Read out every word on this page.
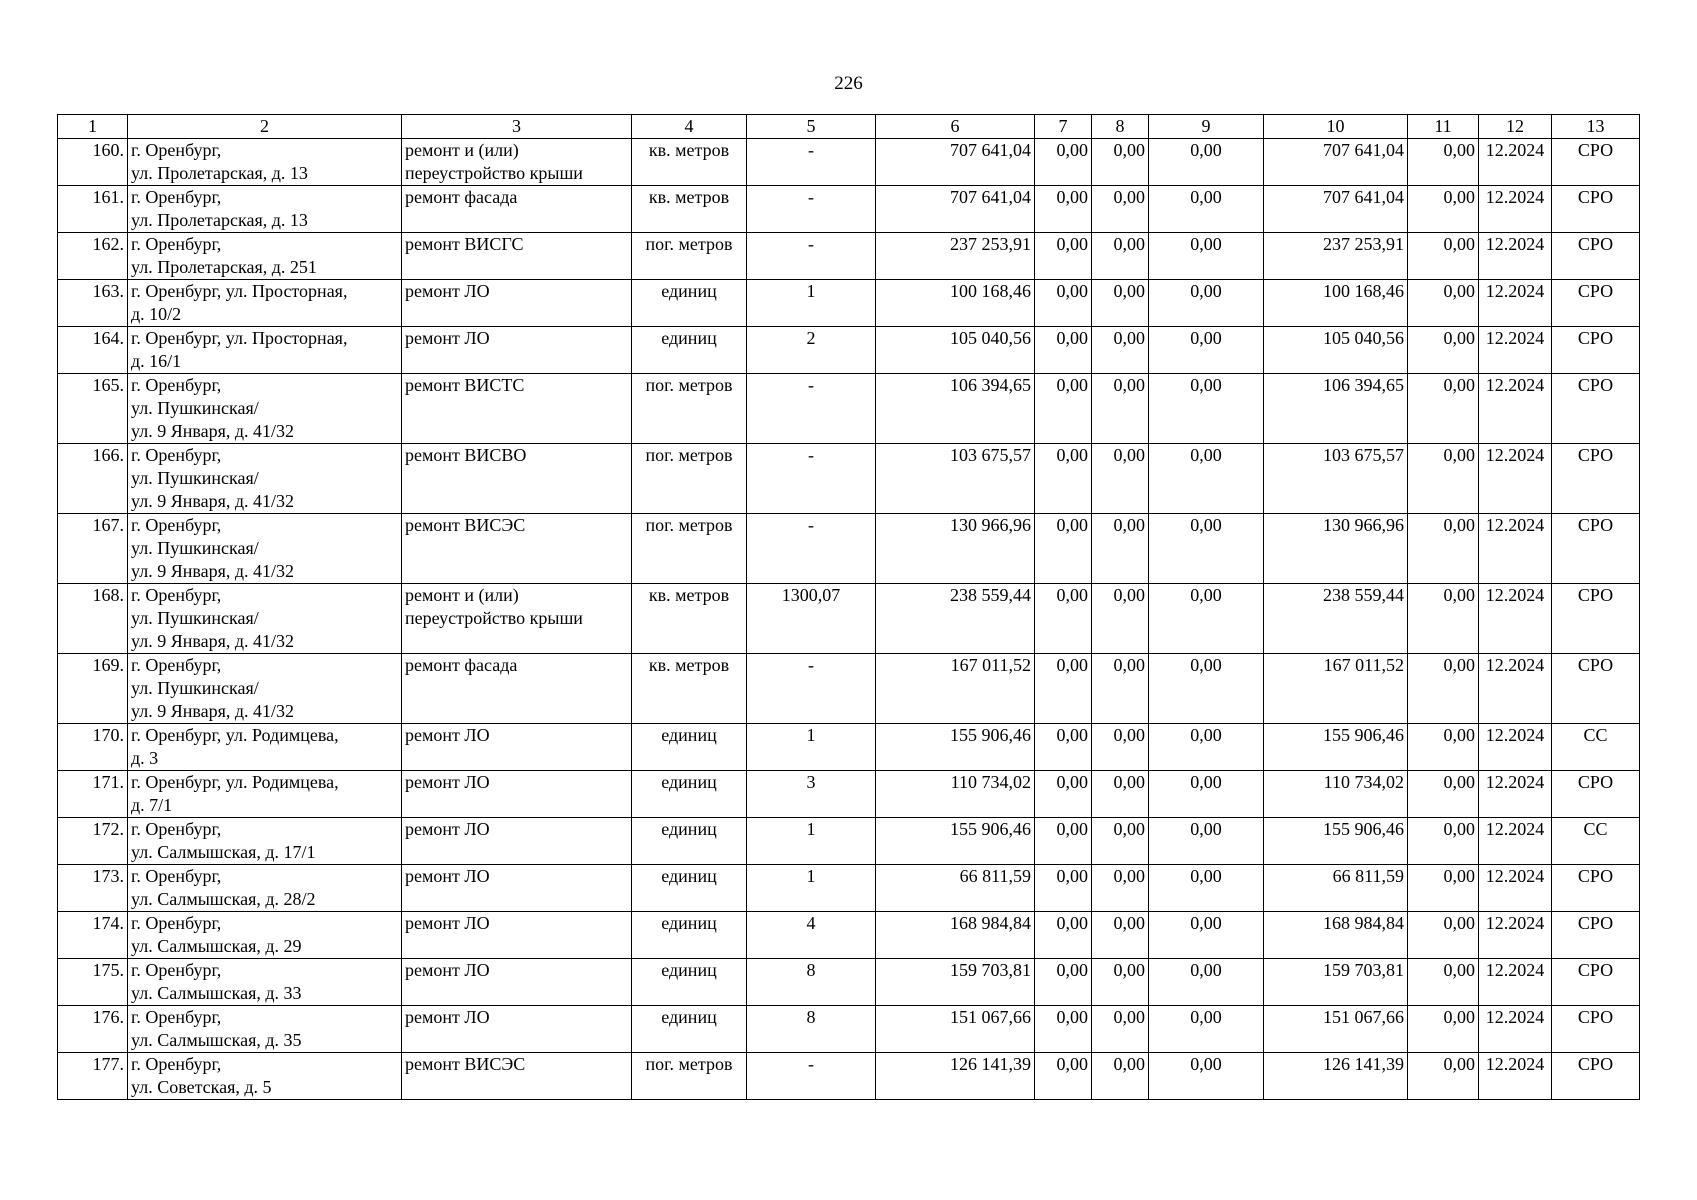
226
1	2	3	4	5	6	7	8	9	10	11	12	13
160.	г. Оренбург,
ул. Пролетарская, д. 13	ремонт и (или)
переустройство крыши	кв. метров	-	707 641,04	0,00	0,00	0,00	707 641,04	0,00	12.2024	СРО
161.	г. Оренбург,
ул. Пролетарская, д. 13	ремонт фасада	кв. метров	-	707 641,04	0,00	0,00	0,00	707 641,04	0,00	12.2024	СРО
162.	г. Оренбург,
ул. Пролетарская, д. 251	ремонт ВИСГС	пог. метров	-	237 253,91	0,00	0,00	0,00	237 253,91	0,00	12.2024	СРО
163.	г. Оренбург, ул. Просторная,
д. 10/2	ремонт ЛО	единиц	1	100 168,46	0,00	0,00	0,00	100 168,46	0,00	12.2024	СРО
164.	г. Оренбург, ул. Просторная,
д. 16/1	ремонт ЛО	единиц	2	105 040,56	0,00	0,00	0,00	105 040,56	0,00	12.2024	СРО
165.	г. Оренбург,
ул. Пушкинская/
ул. 9 Января, д. 41/32	ремонт ВИСТС	пог. метров	-	106 394,65	0,00	0,00	0,00	106 394,65	0,00	12.2024	СРО
166.	г. Оренбург,
ул. Пушкинская/
ул. 9 Января, д. 41/32	ремонт ВИСВО	пог. метров	-	103 675,57	0,00	0,00	0,00	103 675,57	0,00	12.2024	СРО
167.	г. Оренбург,
ул. Пушкинская/
ул. 9 Января, д. 41/32	ремонт ВИСЭС	пог. метров	-	130 966,96	0,00	0,00	0,00	130 966,96	0,00	12.2024	СРО
168.	г. Оренбург,
ул. Пушкинская/
ул. 9 Января, д. 41/32	ремонт и (или)
переустройство крыши	кв. метров	1300,07	238 559,44	0,00	0,00	0,00	238 559,44	0,00	12.2024	СРО
169.	г. Оренбург,
ул. Пушкинская/
ул. 9 Января, д. 41/32	ремонт фасада	кв. метров	-	167 011,52	0,00	0,00	0,00	167 011,52	0,00	12.2024	СРО
170.	г. Оренбург, ул. Родимцева,
д. 3	ремонт ЛО	единиц	1	155 906,46	0,00	0,00	0,00	155 906,46	0,00	12.2024	СС
171.	г. Оренбург, ул. Родимцева,
д. 7/1	ремонт ЛО	единиц	3	110 734,02	0,00	0,00	0,00	110 734,02	0,00	12.2024	СРО
172.	г. Оренбург,
ул. Салмышская, д. 17/1	ремонт ЛО	единиц	1	155 906,46	0,00	0,00	0,00	155 906,46	0,00	12.2024	СС
173.	г. Оренбург,
ул. Салмышская, д. 28/2	ремонт ЛО	единиц	1	66 811,59	0,00	0,00	0,00	66 811,59	0,00	12.2024	СРО
174.	г. Оренбург,
ул. Салмышская, д. 29	ремонт ЛО	единиц	4	168 984,84	0,00	0,00	0,00	168 984,84	0,00	12.2024	СРО
175.	г. Оренбург,
ул. Салмышская, д. 33	ремонт ЛО	единиц	8	159 703,81	0,00	0,00	0,00	159 703,81	0,00	12.2024	СРО
176.	г. Оренбург,
ул. Салмышская, д. 35	ремонт ЛО	единиц	8	151 067,66	0,00	0,00	0,00	151 067,66	0,00	12.2024	СРО
177.	г. Оренбург,
ул. Советская, д. 5	ремонт ВИСЭС	пог. метров	-	126 141,39	0,00	0,00	0,00	126 141,39	0,00	12.2024	СРО
